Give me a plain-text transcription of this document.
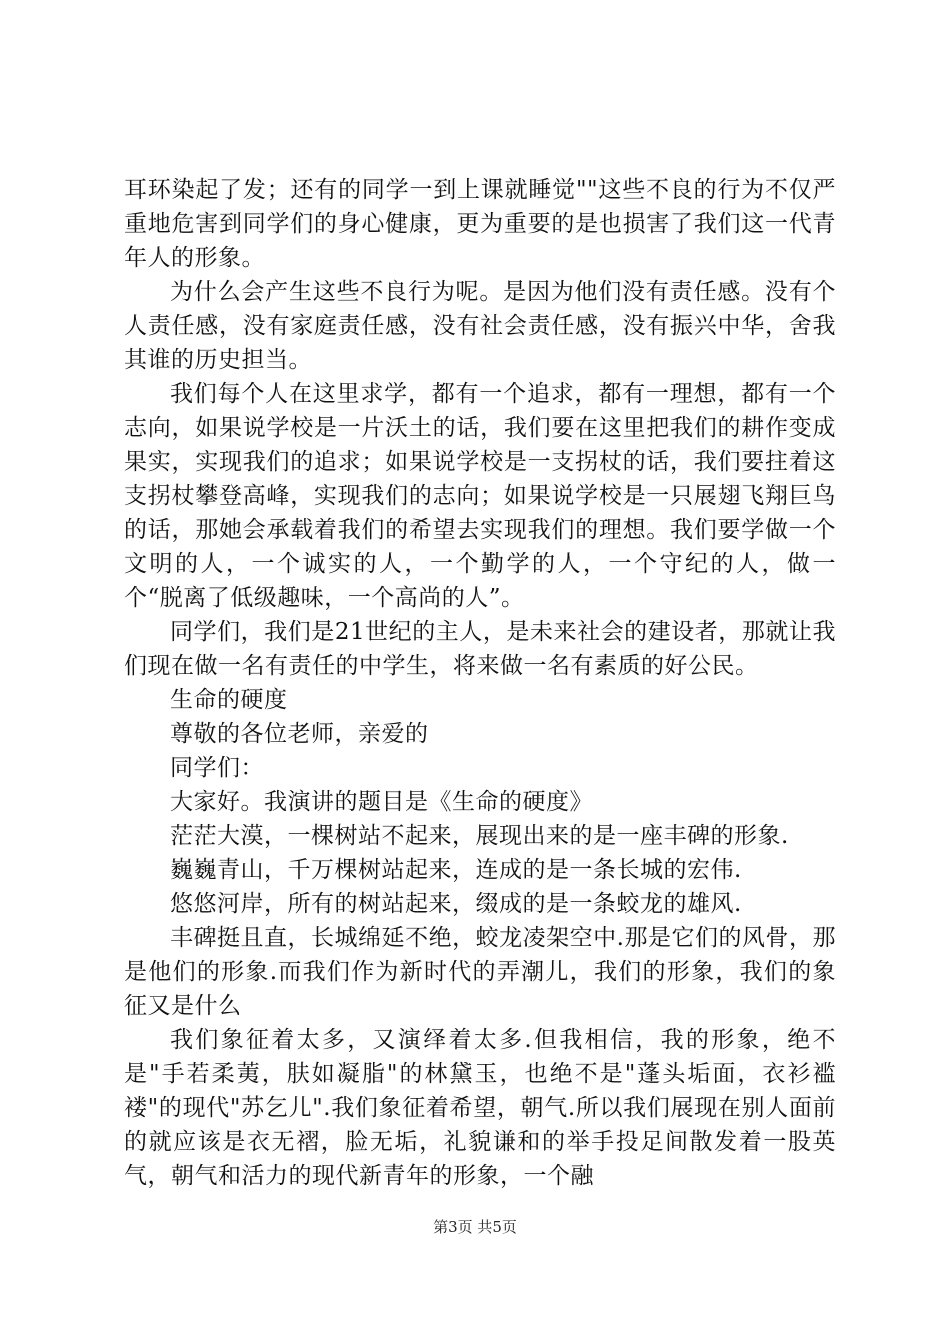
耳环染起了发；还有的同学一到上课就睡觉""这些不良的行为不仅严重地危害到同学们的身心健康，更为重要的是也损害了我们这一代青年人的形象。

为什么会产生这些不良行为呢。是因为他们没有责任感。没有个人责任感，没有家庭责任感，没有社会责任感，没有振兴中华，舍我其谁的历史担当。

我们每个人在这里求学，都有一个追求，都有一理想，都有一个志向，如果说学校是一片沃土的话，我们要在这里把我们的耕作变成果实，实现我们的追求；如果说学校是一支拐杖的话，我们要拄着这支拐杖攀登高峰，实现我们的志向；如果说学校是一只展翅飞翔巨鸟的话，那她会承载着我们的希望去实现我们的理想。我们要学做一个文明的人，一个诚实的人，一个勤学的人，一个守纪的人，做一个“脱离了低级趣味，一个高尚的人”。

同学们，我们是21世纪的主人，是未来社会的建设者，那就让我们现在做一名有责任的中学生，将来做一名有素质的好公民。

生命的硬度

尊敬的各位老师，亲爱的

同学们：

大家好。我演讲的题目是《生命的硬度》

茫茫大漠，一棵树站不起来，展现出来的是一座丰碑的形象.

巍巍青山，千万棵树站起来，连成的是一条长城的宏伟.

悠悠河岸，所有的树站起来，缀成的是一条蛟龙的雄风.

丰碑挺且直，长城绵延不绝，蛟龙凌架空中.那是它们的风骨，那是他们的形象.而我们作为新时代的弄潮儿，我们的形象，我们的象征又是什么

我们象征着太多，又演绎着太多.但我相信，我的形象，绝不是"手若柔荑，肤如凝脂"的林黛玉，也绝不是"蓬头垢面，衣衫褴褛"的现代"苏乞儿".我们象征着希望，朝气.所以我们展现在别人面前的就应该是衣无褶，脸无垢，礼貌谦和的举手投足间散发着一股英气，朝气和活力的现代新青年的形象，一个融

第3页 共5页
